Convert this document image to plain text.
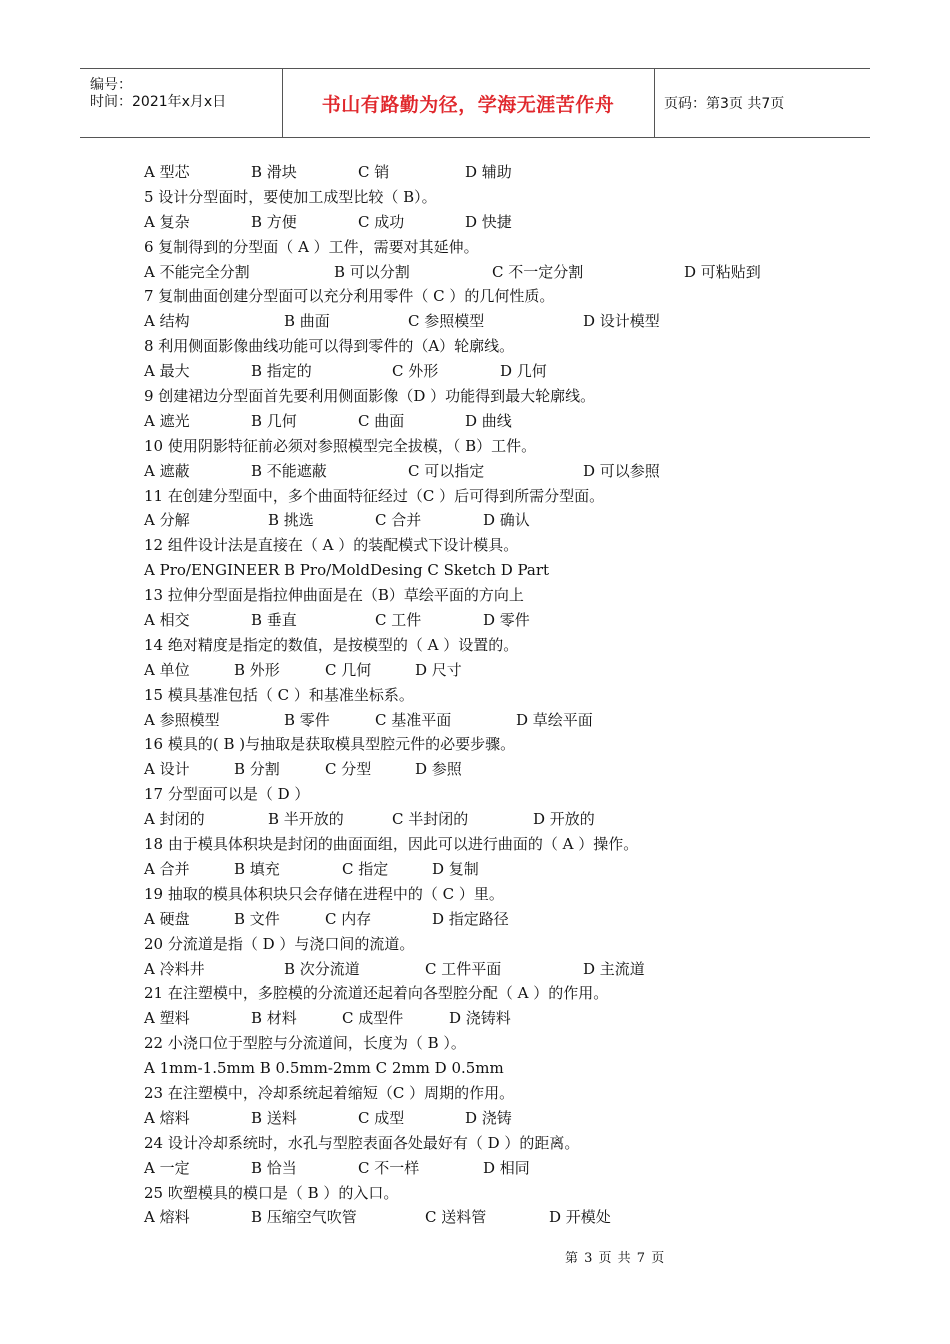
编号：
时间：2021年x月x日	书山有路勤为径，学海无涯苦作舟	页码：第3页 共7页
A 型芯	B 滑块	C 销	D 辅助
5 设计分型面时，要使加工成型比较（ B）。
A 复杂	B 方便	C 成功	D 快捷
6 复制得到的分型面（ A ）工件，需要对其延伸。
A 不能完全分割	B 可以分割	C 不一定分割	D 可粘贴到
7 复制曲面创建分型面可以充分利用零件（ C ）的几何性质。
A 结构	B 曲面	C 参照模型	D 设计模型
8 利用侧面影像曲线功能可以得到零件的（A）轮廓线。
A 最大	B 指定的	C 外形	D 几何
9 创建裙边分型面首先要利用侧面影像（D ）功能得到最大轮廓线。
A 遮光	B 几何	C 曲面	D 曲线
10 使用阴影特征前必须对参照模型完全拔模，（ B）工件。
A 遮蔽	B 不能遮蔽	C 可以指定	D 可以参照
11 在创建分型面中，多个曲面特征经过（C ）后可得到所需分型面。
A 分解	B 挑选	C 合并	D 确认
12 组件设计法是直接在（ A ）的装配模式下设计模具。
A Pro/ENGINEER B Pro/MoldDesing C Sketch D Part
13 拉伸分型面是指拉伸曲面是在（B）草绘平面的方向上
A 相交	B 垂直	C 工件	D 零件
14 绝对精度是指定的数值，是按模型的（ A ）设置的。
A 单位	B 外形	C 几何	D 尺寸
15 模具基准包括（ C ）和基准坐标系。
A 参照模型	B 零件	C 基准平面	D 草绘平面
16 模具的( B )与抽取是获取模具型腔元件的必要步骤。
A 设计	B 分割	C 分型	D 参照
17 分型面可以是（ D ）
A 封闭的	B 半开放的	C 半封闭的	D 开放的
18 由于模具体积块是封闭的曲面面组，因此可以进行曲面的（ A ）操作。
A 合并	B 填充	C 指定	D 复制
19 抽取的模具体积块只会存储在进程中的（ C ）里。
A 硬盘	B 文件	C 内存	D 指定路径
20 分流道是指（ D ）与浇口间的流道。
A 冷料井	B 次分流道	C 工件平面	D 主流道
21 在注塑模中，多腔模的分流道还起着向各型腔分配（ A ）的作用。
A 塑料	B 材料	C 成型件	D 浇铸料
22 小浇口位于型腔与分流道间，长度为（ B ）。
A 1mm-1.5mm B 0.5mm-2mm C 2mm D 0.5mm
23 在注塑模中，冷却系统起着缩短（C ）周期的作用。
A 熔料	B 送料	C 成型	D 浇铸
24 设计冷却系统时，水孔与型腔表面各处最好有（ D ）的距离。
A 一定	B 恰当	C 不一样	D 相同
25 吹塑模具的模口是（ B ）的入口。
A 熔料	B 压缩空气吹管	C 送料管	D 开模处
第 3 页 共 7 页
